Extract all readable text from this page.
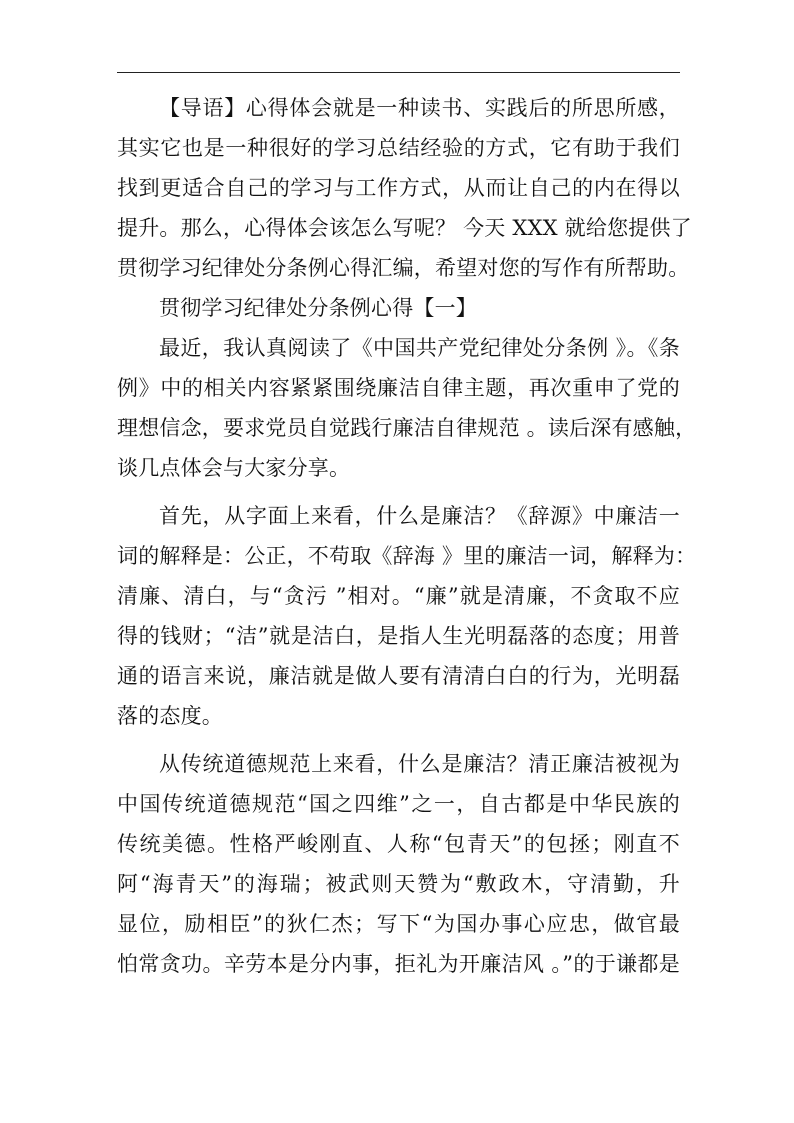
【导语】心得体会就是一种读书、实践后的所思所感，
其实它也是一种很好的学习总结经验的方式，它有助于我们
找到更适合自己的学习与工作方式，从而让自己的内在得以
提升。那么，心得体会该怎么写呢？ 今天 XXX 就给您提供了
贯彻学习纪律处分条例心得汇编，希望对您的写作有所帮助。
贯彻学习纪律处分条例心得【一】
最近，我认真阅读了《中国共产党纪律处分条例 》。《条
例》中的相关内容紧紧围绕廉洁自律主题，再次重申了党的
理想信念，要求党员自觉践行廉洁自律规范 。读后深有感触，
谈几点体会与大家分享。
首先，从字面上来看，什么是廉洁？《辞源》中廉洁一
词的解释是：公正，不苟取《辞海 》里的廉洁一词，解释为：
清廉、清白，与“贪污 ”相对。“廉”就是清廉，不贪取不应
得的钱财；“洁”就是洁白，是指人生光明磊落的态度；用普
通的语言来说，廉洁就是做人要有清清白白的行为，光明磊
落的态度。
从传统道德规范上来看，什么是廉洁？清正廉洁被视为
中国传统道德规范“国之四维”之一，自古都是中华民族的
传统美德。性格严峻刚直、人称“包青天”的包拯；刚直不
阿“海青天”的海瑞；被武则天赞为“敷政木，守清勤，升
显位，励相臣”的狄仁杰；写下“为国办事心应忠，做官最
怕常贪功。辛劳本是分内事，拒礼为开廉洁风 。”的于谦都是
